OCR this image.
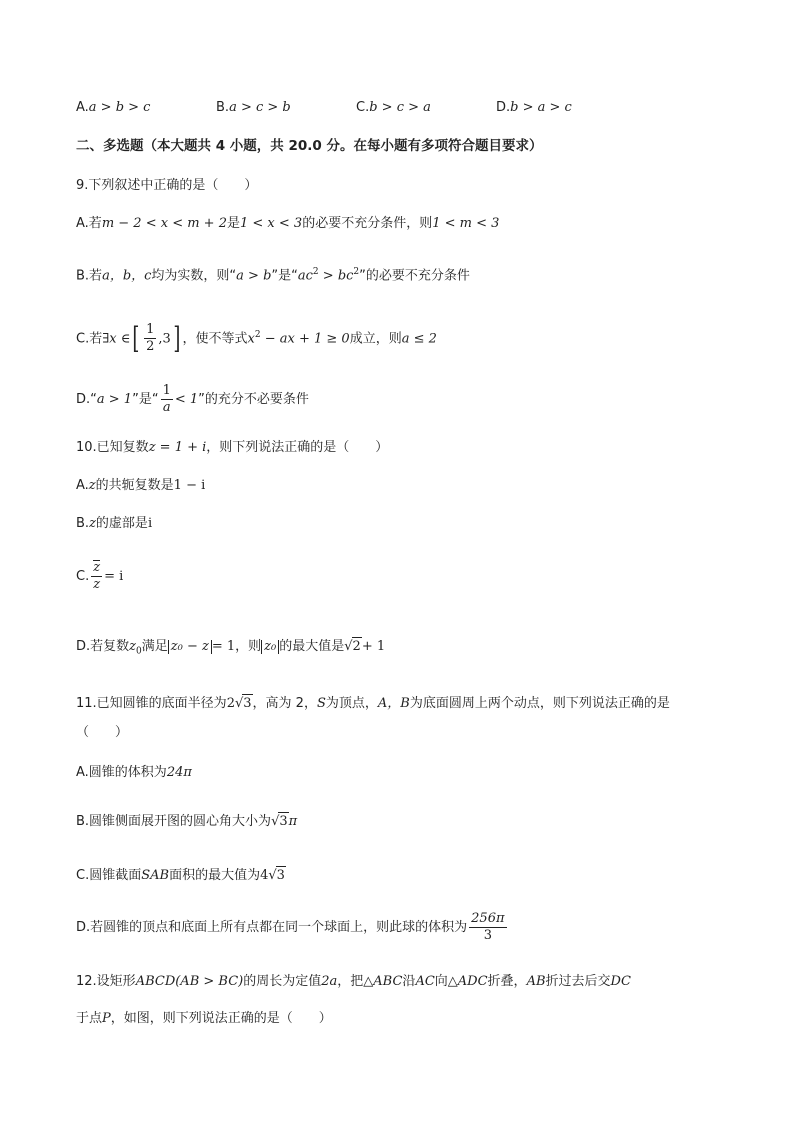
A.a > b > c	B.a > c > b	C.b > c > a	D.b > a > c
二、多选题（本大题共 4 小题，共 20.0 分。在每小题有多项符合题目要求）
9.下列叙述中正确的是（　　）
A.若m − 2 < x < m + 2是1 < x < 3的必要不充分条件，则1 < m < 3
B.若a，b，c均为实数，则“a > b”是“$ac^2 > bc^2$”的必要不充分条件
C.若∃x ∈[ $\frac{1}{2} ,3$] ，使不等式$x^2$ − ax + 1 ≥ 0成立，则a ≤ 2
D.“a > 1”是“ $\frac{1}{a} < 1$”的充分不必要条件
10.已知复数z = 1 + i，则下列说法正确的是（　　）
A.z的共轭复数是1 − i
B.z的虚部是i
C. $\frac{z}{z} = i$
D.若复数$z_0$满足 z₀ − z = 1，则 z₀ 的最大值是√2+ 1
11.已知圆锥的底面半径为2√3，高为 2，S为顶点，A，B为底面圆周上两个动点，则下列说法正确的是
（　　）
A.圆锥的体积为24π
B.圆锥侧面展开图的圆心角大小为√3π
C.圆锥截面SAB面积的最大值为4√3
D.若圆锥的顶点和底面上所有点都在同一个球面上，则此球的体积为 $\frac{256\pi}{3}$
12.设矩形ABCD(AB > BC)的周长为定值2a，把△ABC沿AC向△ADC折叠，AB折过去后交DC
于点P，如图，则下列说法正确的是（　　）
